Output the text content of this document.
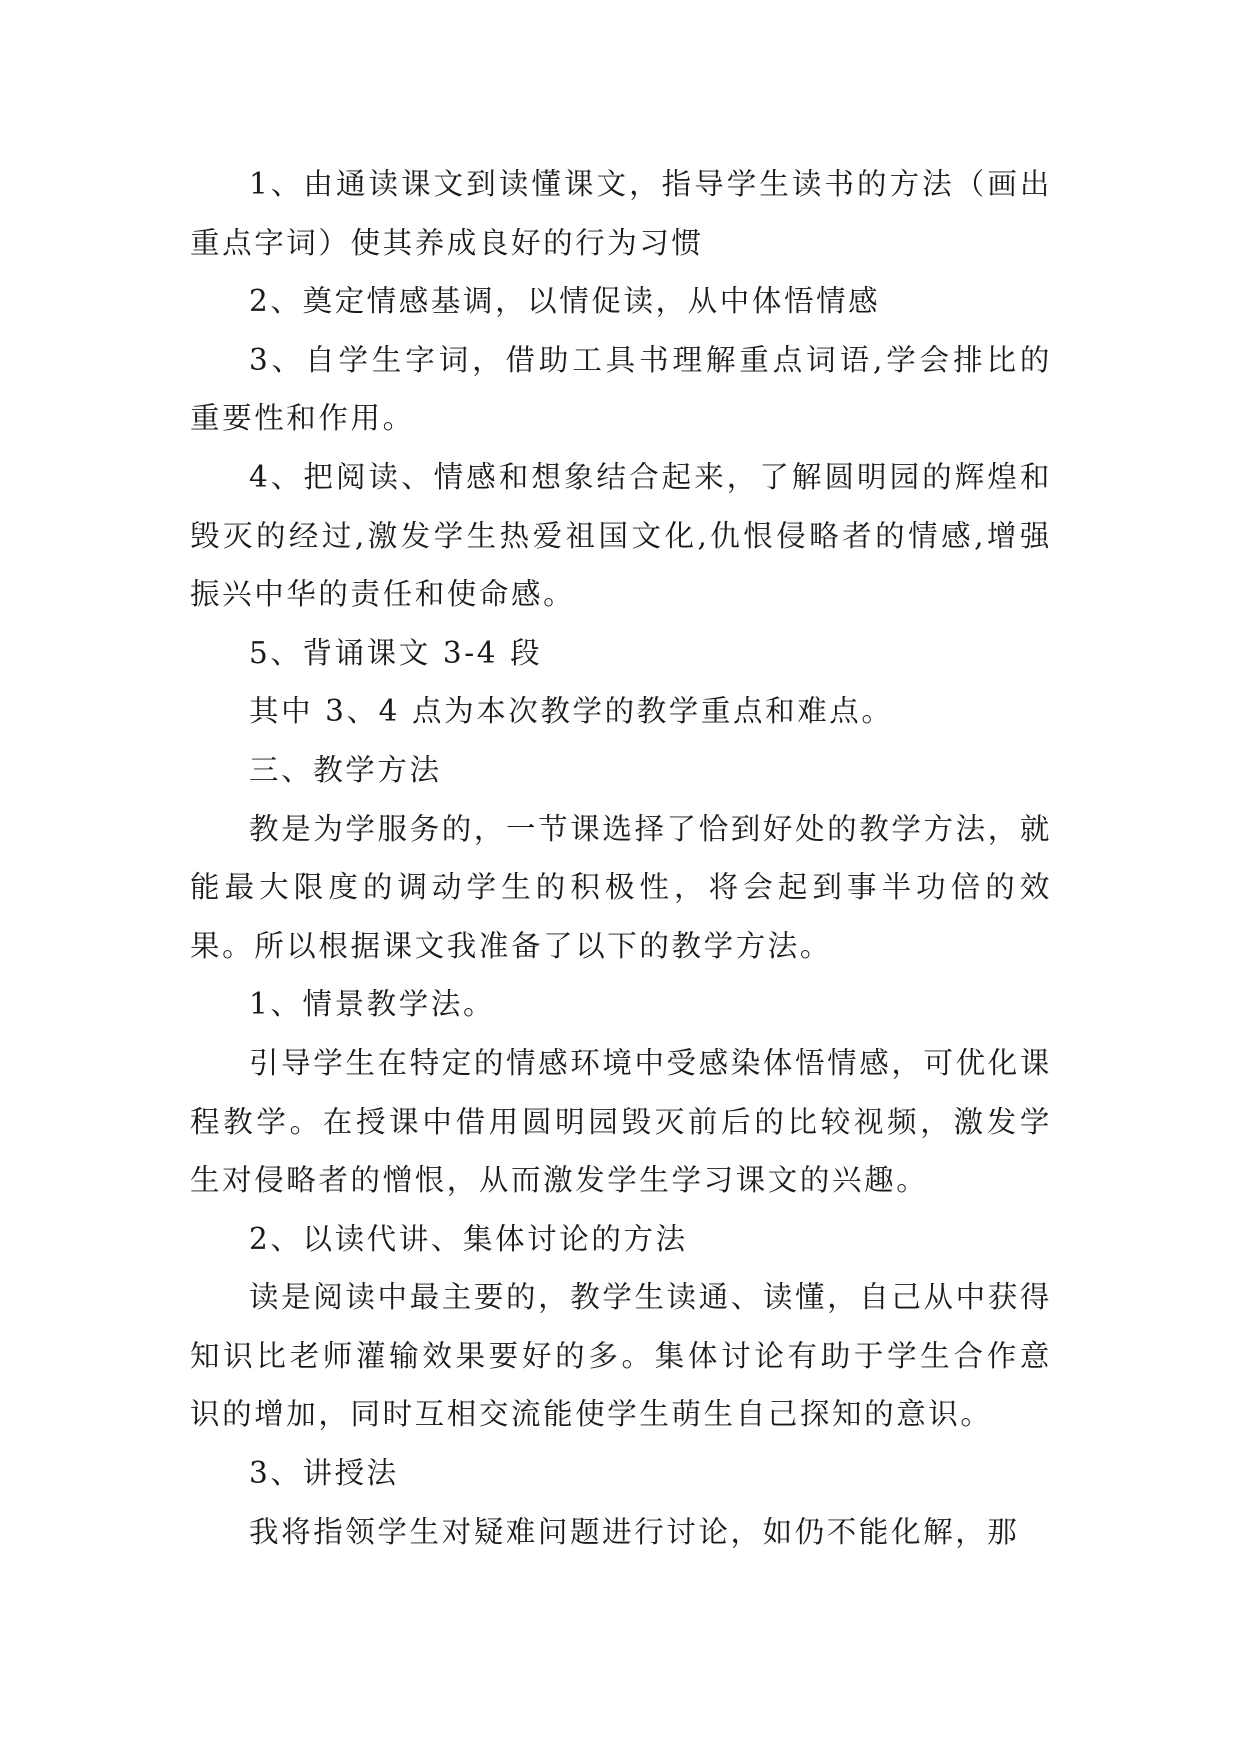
1、由通读课文到读懂课文，指导学生读书的方法（画出重点字词）使其养成良好的行为习惯

2、奠定情感基调，以情促读，从中体悟情感

3、自学生字词，借助工具书理解重点词语,学会排比的重要性和作用。

4、把阅读、情感和想象结合起来，了解圆明园的辉煌和毁灭的经过,激发学生热爱祖国文化,仇恨侵略者的情感,增强振兴中华的责任和使命感。

5、背诵课文 3-4 段

其中 3、4 点为本次教学的教学重点和难点。

三、教学方法

教是为学服务的，一节课选择了恰到好处的教学方法，就能最大限度的调动学生的积极性，将会起到事半功倍的效果。所以根据课文我准备了以下的教学方法。

1、情景教学法。

引导学生在特定的情感环境中受感染体悟情感，可优化课程教学。在授课中借用圆明园毁灭前后的比较视频，激发学生对侵略者的憎恨，从而激发学生学习课文的兴趣。

2、以读代讲、集体讨论的方法

读是阅读中最主要的，教学生读通、读懂，自己从中获得知识比老师灌输效果要好的多。集体讨论有助于学生合作意识的增加，同时互相交流能使学生萌生自己探知的意识。

3、讲授法

我将指领学生对疑难问题进行讨论，如仍不能化解，那
